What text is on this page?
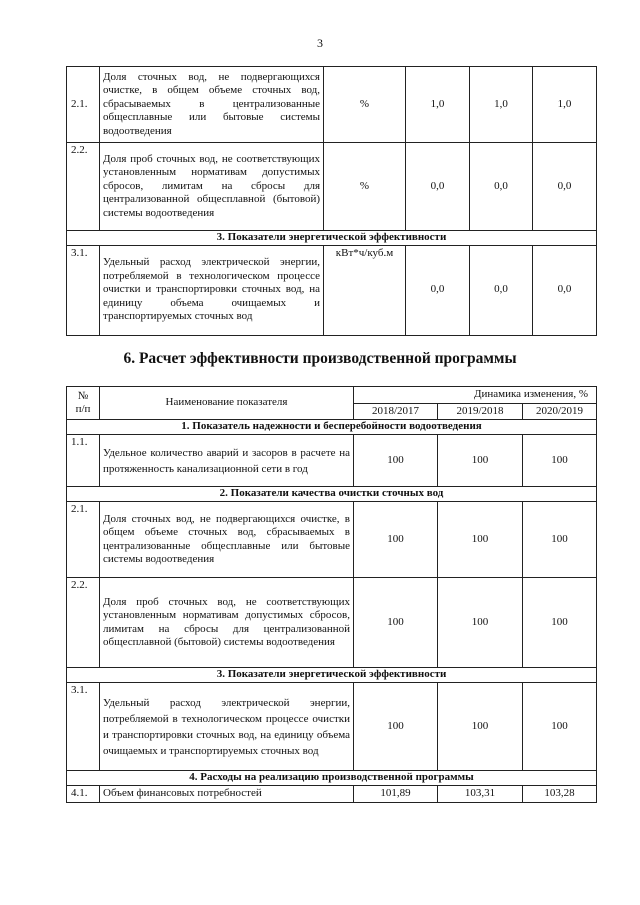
3
2.1.	Доля сточных вод, не подвергающихся очистке, в общем объеме сточных вод, сбрасываемых в централизованные общесплавные или бытовые системы водоотведения	%	1,0	1,0	1,0
2.2.	Доля проб сточных вод, не соответствующих установленным нормативам допустимых сбросов, лимитам на сбросы для централизованной общесплавной (бытовой) системы водоотведения	%	0,0	0,0	0,0
3. Показатели энергетической эффективности					
3.1.	Удельный расход электрической энергии, потребляемой в технологическом процессе очистки и транспортировки сточных вод, на единицу объема очищаемых и транспортируемых сточных вод	кВт*ч/куб.м	0,0	0,0	0,0
6. Расчет эффективности производственной программы
№
п/п	Наименование показателя	Динамика изменения, %		
		2018/2017	2019/2018	2020/2019
1. Показатель надежности и бесперебойности водоотведения				
1.1.	Удельное количество аварий и засоров в расчете на протяженность канализационной сети в год	100	100	100
2. Показатели качества очистки сточных вод				
2.1.	Доля сточных вод, не подвергающихся очистке, в общем объеме сточных вод, сбрасываемых в централизованные общесплавные или бытовые системы водоотведения	100	100	100
2.2.	Доля проб сточных вод, не соответствующих установленным нормативам допустимых сбросов, лимитам на сбросы для централизованной общесплавной (бытовой) системы водоотведения	100	100	100
3. Показатели энергетической эффективности				
3.1.	Удельный расход электрической энергии, потребляемой в технологическом процессе очистки и транспортировки сточных вод, на единицу объема очищаемых и транспортируемых сточных вод	100	100	100
4. Расходы на реализацию производственной программы				
4.1.	Объем финансовых потребностей	101,89	103,31	103,28
